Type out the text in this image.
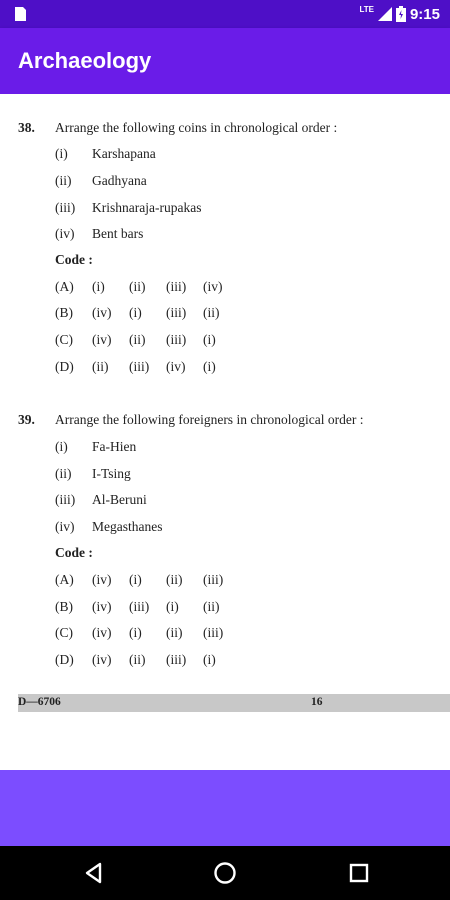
LTE 9:15
Archaeology
38. Arrange the following coins in chronological order :
(i) Karshapana
(ii) Gadhyana
(iii) Krishnaraja-rupakas
(iv) Bent bars
Code :
(A) (i) (ii) (iii) (iv)
(B) (iv) (i) (iii) (ii)
(C) (iv) (ii) (iii) (i)
(D) (ii) (iii) (iv) (i)
39. Arrange the following foreigners in chronological order :
(i) Fa-Hien
(ii) I-Tsing
(iii) Al-Beruni
(iv) Megasthanes
Code :
(A) (iv) (i) (ii) (iii)
(B) (iv) (iii) (i) (ii)
(C) (iv) (i) (ii) (iii)
(D) (iv) (ii) (iii) (i)
D—6706	16
